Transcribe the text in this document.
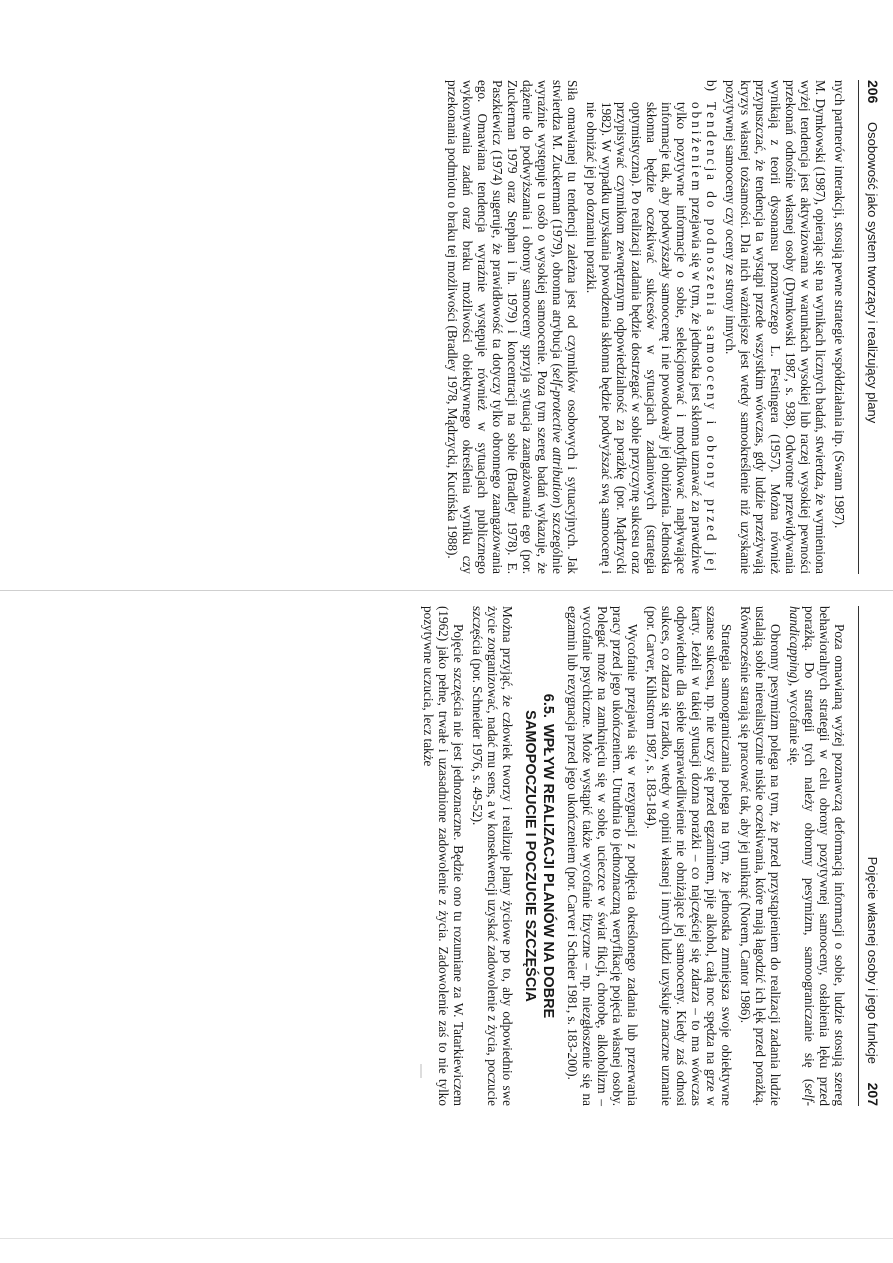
206
Osobowość jako system tworzący i realizujący plany

nych partnerów interakcji, stosują pewne strategie współdziałania itp. (Swann 1987).

M. Dymkowski (1987), opierając się na wynikach licznych badań, stwierdza, że wymieniona wyżej tendencja jest aktywizowana w warunkach wysokiej lub raczej wysokiej pewności przekonań odnośnie własnej osoby (Dymkowski 1987, s. 938). Odwrotne przewidywania wynikają z teorii dysonansu poznawczego L. Festingera (1957). Można również przypuszczać, że tendencja ta wystąpi przede wszystkim wówczas, gdy ludzie przeżywają kryzys własnej tożsamości. Dla nich ważniejsze jest wtedy samookreślenie niż uzyskanie pozytywnej samooceny czy oceny ze strony innych.

b)
Tendencja do podnoszenia samooceny i obrony przed jej obniżeniem przejawia się w tym, że jednostka jest skłonna uznawać za prawdziwe tylko pozytywne informacje o sobie, selekcjonować i modyfikować napływające informacje tak, aby podwyższały samoocenę i nie powodowały jej obniżenia. Jednostka skłonna będzie oczekiwać sukcesów w sytuacjach zadaniowych (strategia optymistyczna). Po realizacji zadania będzie dostrzegać w sobie przyczynę sukcesu oraz przypisywać czynnikom zewnętrznym odpowiedzialność za porażkę (por. Mądrzycki 1982). W wypadku uzyskania powodzenia skłonna będzie podwyższać swą samoocenę i nie obniżać jej po doznaniu porażki.

Siła omawianej tu tendencji zależna jest od czynników osobowych i sytuacyjnych. Jak stwierdza M. Zuckerman (1979), obronna atrybucja (self-protective attribution) szczególnie wyraźnie występuje u osób o wysokiej samoocenie. Poza tym szereg badań wykazuje, że dążenie do podwyższania i obrony samooceny sprzyja sytuacja zaangażowania ego (por. Zuckerman 1979 oraz Stephan i in. 1979) i koncentracji na sobie (Bradley 1978). E. Paszkiewicz (1974) sugeruje, że prawidłowość ta dotyczy tylko obronnego zaangażowania ego. Omawiana tendencja wyraźnie występuje również w sytuacjach publicznego wykonywania zadań oraz braku możliwości obiektywnego określenia wyniku czy przekonania podmiotu o braku tej możliwości (Bradley 1978, Mądrzycki, Kucińska 1988).

Pojęcie własnej osoby i jego funkcje
207

Poza omawianą wyżej poznawczą deformacją informacji o sobie, ludzie stosują szereg behawioralnych strategii w celu obrony pozytywnej samooceny, osłabienia lęku przed porażką. Do strategii tych należy obronny pesymizm, samoograniczanie się (self-handicapping), wycofanie się.

Obronny pesymizm polega na tym, że przed przystąpieniem do realizacji zadania ludzie ustalają sobie nierealistycznie niskie oczekiwania, które mają łagodzić ich lęk przed porażką. Równocześnie starają się pracować tak, aby jej uniknąć (Norem, Cantor 1986).

Strategia samoograniczania polega na tym, że jednostka zmniejsza swoje obiektywne szanse sukcesu, np. nie uczy się przed egzaminem, pije alkohol, całą noc spędza na grze w karty. Jeżeli w takiej sytuacji dozna porażki – co najczęściej się zdarza – to ma wówczas odpowiednie dla siebie usprawiedliwienie nie obniżające jej samooceny. Kiedy zaś odnosi sukces, co zdarza się rzadko, wtedy w opinii własnej i innych ludzi uzyskuje znaczne uznanie (por. Carver, Kihlstrom 1987, s. 183-184).

Wycofanie przejawia się w rezygnacji z podjęcia określonego zadania lub przerwania pracy przed jego ukończeniem. Utrudnia to jednoznaczną weryfikację pojęcia własnej osoby. Polegać może na zamknięciu się w sobie, ucieczce w świat fikcji, chorobę, alkoholizm – wycofanie psychiczne. Może wystąpić także wycofanie fizyczne – np. niezgłoszenie się na egzamin lub rezygnacja przed jego ukończeniem (por. Carver i Scheier 1981, s. 183-200).

6.5.WPŁYW REALIZACJI PLANÓW NA DOBRE
SAMOPOCZUCIE I POCZUCIE SZCZĘŚCIA

Można przyjąć, że człowiek tworzy i realizuje plany życiowe po to, aby odpowiednio swe życie zorganizować, nadać mu sens, a w konsekwencji uzyskać zadowolenie z życia, poczucie szczęścia (por. Schneider 1976, s. 49-52).

Pojęcie szczęścia nie jest jednoznaczne. Będzie ono tu rozumiane za W. Tatarkiewiczem (1962) jako pełne, trwałe i uzasadnione zadowolenie z życia. Zadowolenie zaś to nie tylko pozytywne uczucia, lecz także
